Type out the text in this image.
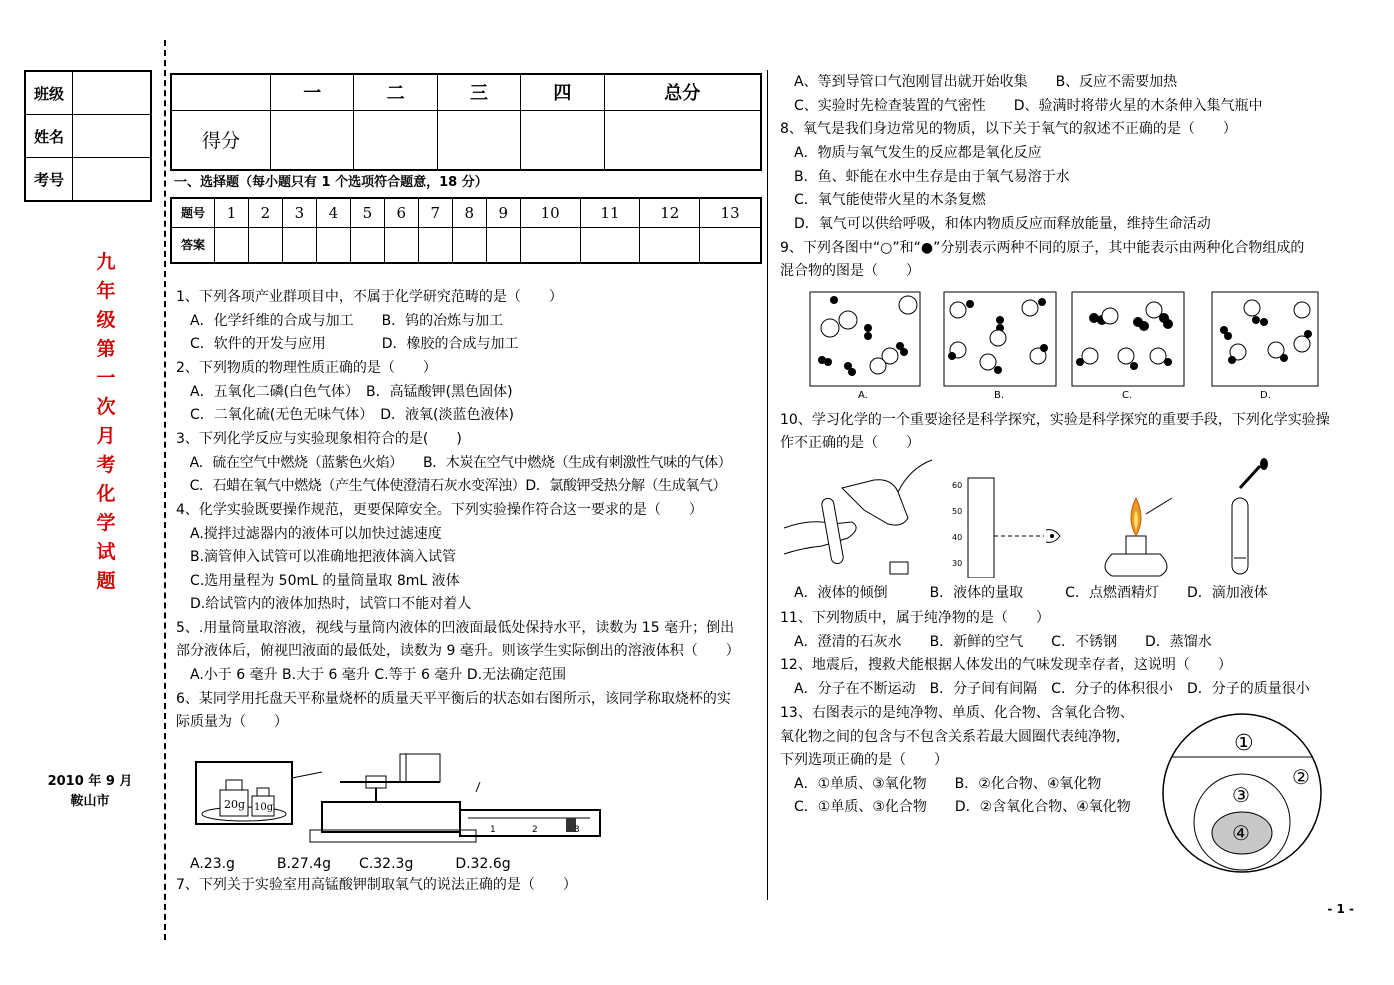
班级	
姓名	
考号	
九
年
级
第
一
次
月
考
化
学
试
题
2010 年 9 月
鞍山市
	一	二	三	四	总分
得分					
一、选择题（每小题只有 1 个选项符合题意，18 分）
题号	1	2	3	4	5	6	7	8	9	10	11	12	13
答案													
1、下列各项产业群项目中，不属于化学研究范畴的是（　　）
　A．化学纤维的合成与加工　　B．钨的冶炼与加工
　C．软件的开发与应用　　　　D．橡胶的合成与加工
2、下列物质的物理性质正确的是（　　）
　A．五氧化二磷(白色气体）　B．高锰酸钾(黑色固体)
　C．二氧化硫(无色无味气体）　D．液氧(淡蓝色液体)
3、下列化学反应与实验现象相符合的是(　　)
　A．硫在空气中燃烧（蓝紫色火焰）　　B．木炭在空气中燃烧（生成有刺激性气味的气体）
　C．石蜡在氧气中燃烧（产生气体使澄清石灰水变浑浊）D．氯酸钾受热分解（生成氧气）
4、化学实验既要操作规范，更要保障安全。下列实验操作符合这一要求的是（　　）
　A.搅拌过滤器内的液体可以加快过滤速度
　B.滴管伸入试管可以准确地把液体滴入试管
　C.选用量程为 50mL 的量筒量取 8mL 液体
　D.给试管内的液体加热时，试管口不能对着人
5、.用量筒量取溶液，视线与量筒内液体的凹液面最低处保持水平，读数为 15 毫升；倒出
部分液体后，俯视凹液面的最低处，读数为 9 毫升。则该学生实际倒出的溶液体积（　　）
　A.小于 6 毫升 B.大于 6 毫升 C.等于 6 毫升 D.无法确定范围
6、某同学用托盘天平称量烧杯的质量天平平衡后的状态如右图所示，该同学称取烧杯的实
际质量为（　　）
20g 10g
1	2	3
　A.23.g　　　B.27.4g　　C.32.3g　　　D.32.6g
7、下列关于实验室用高锰酸钾制取氧气的说法正确的是（　　）
　A、等到导管口气泡刚冒出就开始收集　　B、反应不需要加热
　C、实验时先检查装置的气密性　　D、验满时将带火星的木条伸入集气瓶中
8、氧气是我们身边常见的物质，以下关于氧气的叙述不正确的是（　　）
　A．物质与氧气发生的反应都是氧化反应
　B．鱼、虾能在水中生存是由于氧气易溶于水
　C．氧气能使带火星的木条复燃
　D．氧气可以供给呼吸，和体内物质反应而释放能量，维持生命活动
9、下列各图中“○”和“●”分别表示两种不同的原子，其中能表示由两种化合物组成的
混合物的图是（　　）
A.	B.	C.	D.
10、学习化学的一个重要途径是科学探究，实验是科学探究的重要手段，下列化学实验操
作不正确的是（　　）
60
50
40
30
　A．液体的倾倒　　　B．液体的量取　　　C．点燃酒精灯　　D．滴加液体
11、下列物质中，属于纯净物的是（　　）
　A．澄清的石灰水　　B．新鲜的空气　　C．不锈钢　　D．蒸馏水
12、地震后，搜救犬能根据人体发出的气味发现幸存者，这说明（　　）
　A．分子在不断运动　B．分子间有间隔　C．分子的体积很小　D．分子的质量很小
13、右图表示的是纯净物、单质、化合物、含氧化合物、
氧化物之间的包含与不包含关系若最大圆圈代表纯净物,
下列选项正确的是（　　）
　A．①单质、③氧化物　　B．②化合物、④氧化物
　C．①单质、③化合物　　D．②含氧化合物、④氧化物
①
②
③
④
- 1 -
